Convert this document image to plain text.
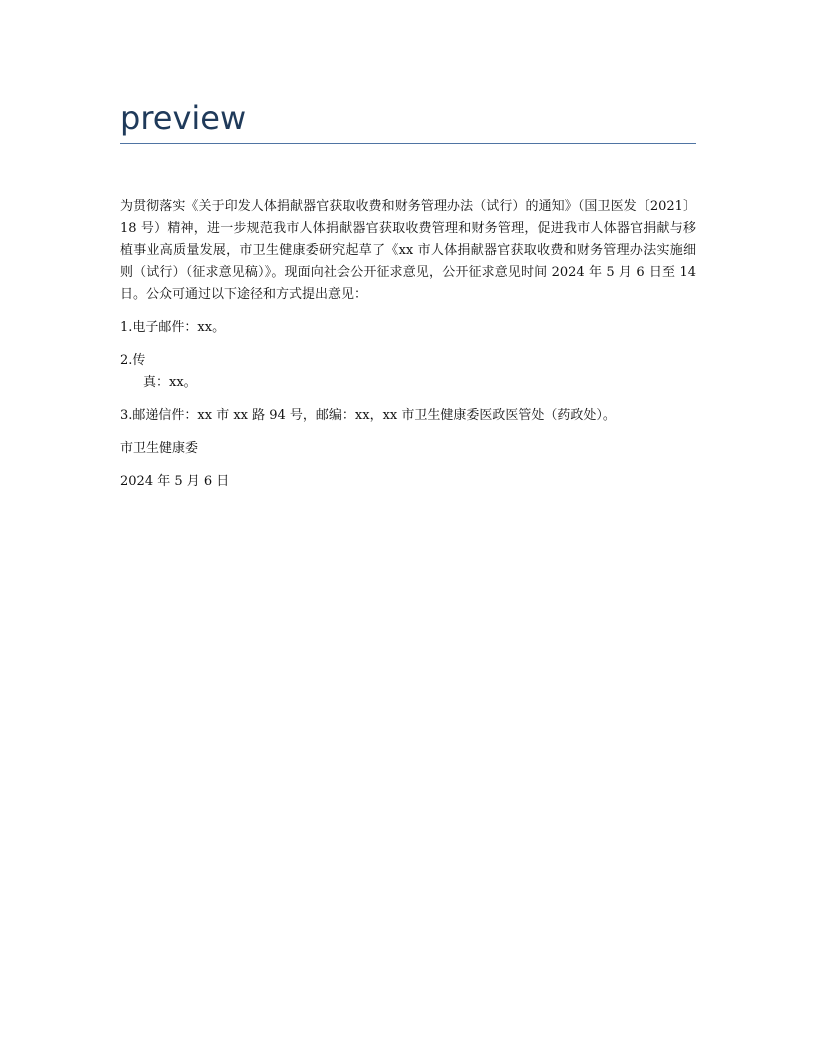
preview

为贯彻落实《关于印发人体捐献器官获取收费和财务管理办法（试行）的通知》（国卫医发〔2021〕18 号）精神，进一步规范我市人体捐献器官获取收费管理和财务管理，促进我市人体器官捐献与移植事业高质量发展，市卫生健康委研究起草了《xx 市人体捐献器官获取收费和财务管理办法实施细则（试行）（征求意见稿）》。现面向社会公开征求意见，公开征求意见时间 2024 年 5 月 6 日至 14 日。公众可通过以下途径和方式提出意见：

1.电子邮件：xx。

2.传
真：xx。

3.邮递信件：xx 市 xx 路 94 号，邮编：xx，xx 市卫生健康委医政医管处（药政处）。

市卫生健康委

2024 年 5 月 6 日
